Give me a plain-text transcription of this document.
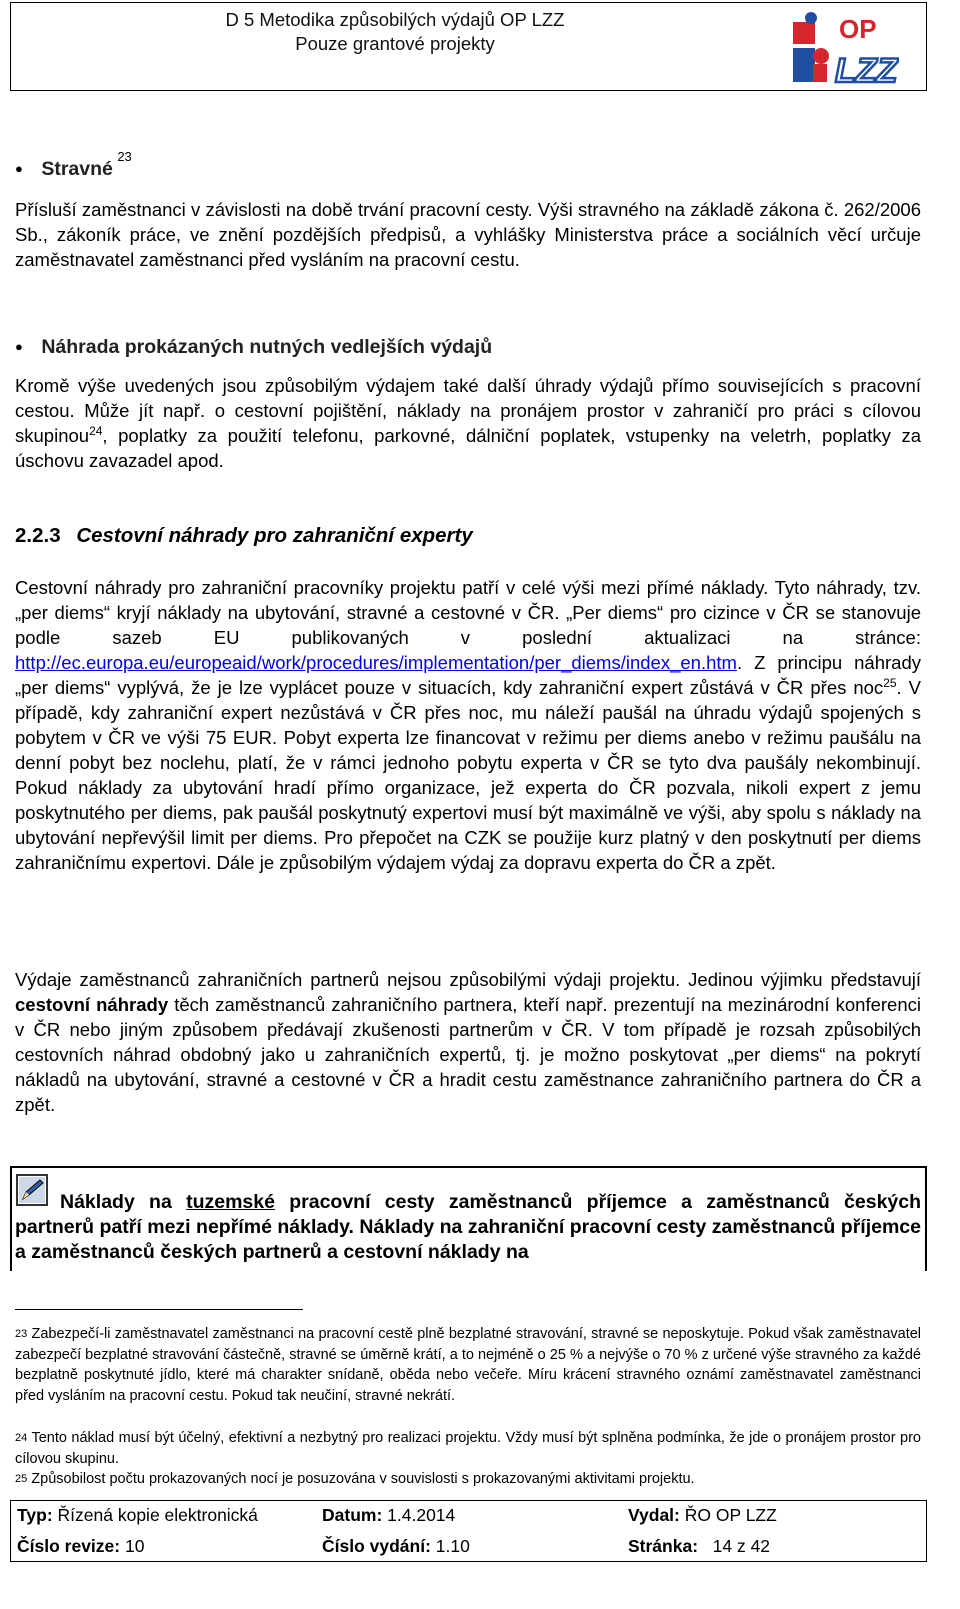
D 5 Metodika způsobilých výdajů OP LZZ
Pouze grantové projekty	OP
LZZ
● Stravné $^{23}$

Přísluší zaměstnanci v závislosti na době trvání pracovní cesty. Výši stravného na základě zákona č. 262/2006 Sb., zákoník práce, ve znění pozdějších předpisů, a vyhlášky Ministerstva práce a sociálních věcí určuje zaměstnavatel zaměstnanci před vysláním na pracovní cestu.

● Náhrada prokázaných nutných vedlejších výdajů

Kromě výše uvedených jsou způsobilým výdajem také další úhrady výdajů přímo souvisejících s pracovní cestou. Může jít např. o cestovní pojištění, náklady na pronájem prostor v zahraničí pro práci s cílovou skupinou$^{24}$, poplatky za použití telefonu, parkovné, dálniční poplatek, vstupenky na veletrh, poplatky za úschovu zavazadel apod.

2.2.3 Cestovní náhrady pro zahraniční experty

Cestovní náhrady pro zahraniční pracovníky projektu patří v celé výši mezi přímé náklady. Tyto náhrady, tzv. „per diems“ kryjí náklady na ubytování, stravné a cestovné v ČR. „Per diems“ pro cizince v ČR se stanovuje podle sazeb EU publikovaných v poslední aktualizaci na stránce: http://ec.europa.eu/europeaid/work/procedures/implementation/per_diems/index_en.htm. Z principu náhrady „per diems“ vyplývá, že je lze vyplácet pouze v situacích, kdy zahraniční expert zůstává v ČR přes noc$^{25}$. V případě, kdy zahraniční expert nezůstává v ČR přes noc, mu náleží paušál na úhradu výdajů spojených s pobytem v ČR ve výši 75 EUR. Pobyt experta lze financovat v režimu per diems anebo v režimu paušálu na denní pobyt bez noclehu, platí, že v rámci jednoho pobytu experta v ČR se tyto dva paušály nekombinují. Pokud náklady za ubytování hradí přímo organizace, jež experta do ČR pozvala, nikoli expert z jemu poskytnutého per diems, pak paušál poskytnutý expertovi musí být maximálně ve výši, aby spolu s náklady na ubytování nepřevýšil limit per diems. Pro přepočet na CZK se použije kurz platný v den poskytnutí per diems zahraničnímu expertovi. Dále je způsobilým výdajem výdaj za dopravu experta do ČR a zpět.

Výdaje zaměstnanců zahraničních partnerů nejsou způsobilými výdaji projektu. Jedinou výjimku představují cestovní náhrady těch zaměstnanců zahraničního partnera, kteří např. prezentují na mezinárodní konferenci v ČR nebo jiným způsobem předávají zkušenosti partnerům v ČR. V tom případě je rozsah způsobilých cestovních náhrad obdobný jako u zahraničních expertů, tj. je možno poskytovat „per diems“ na pokrytí nákladů na ubytování, stravné a cestovné v ČR a hradit cestu zaměstnance zahraničního partnera do ČR a zpět.

Náklady na tuzemské pracovní cesty zaměstnanců příjemce a zaměstnanců českých partnerů patří mezi nepřímé náklady. Náklady na zahraniční pracovní cesty zaměstnanců příjemce a zaměstnanců českých partnerů a cestovní náklady na

$^{23}$ Zabezpečí-li zaměstnavatel zaměstnanci na pracovní cestě plně bezplatné stravování, stravné se neposkytuje. Pokud však zaměstnavatel zabezpečí bezplatné stravování částečně, stravné se úměrně krátí, a to nejméně o 25 % a nejvýše o 70 % z určené výše stravného za každé bezplatně poskytnuté jídlo, které má charakter snídaně, oběda nebo večeře. Míru krácení stravného oznámí zaměstnavatel zaměstnanci před vysláním na pracovní cestu. Pokud tak neučiní, stravné nekrátí.
$^{24}$ Tento náklad musí být účelný, efektivní a nezbytný pro realizaci projektu. Vždy musí být splněna podmínka, že jde o pronájem prostor pro cílovou skupinu.
$^{25}$ Způsobilost počtu prokazovaných nocí je posuzována v souvislosti s prokazovanými aktivitami projektu.
Typ: Řízená kopie elektronická	Datum: 1.4.2014	Vydal: ŘO OP LZZ
Číslo revize: 10	Číslo vydání: 1.10	Stránka: 14 z 42
